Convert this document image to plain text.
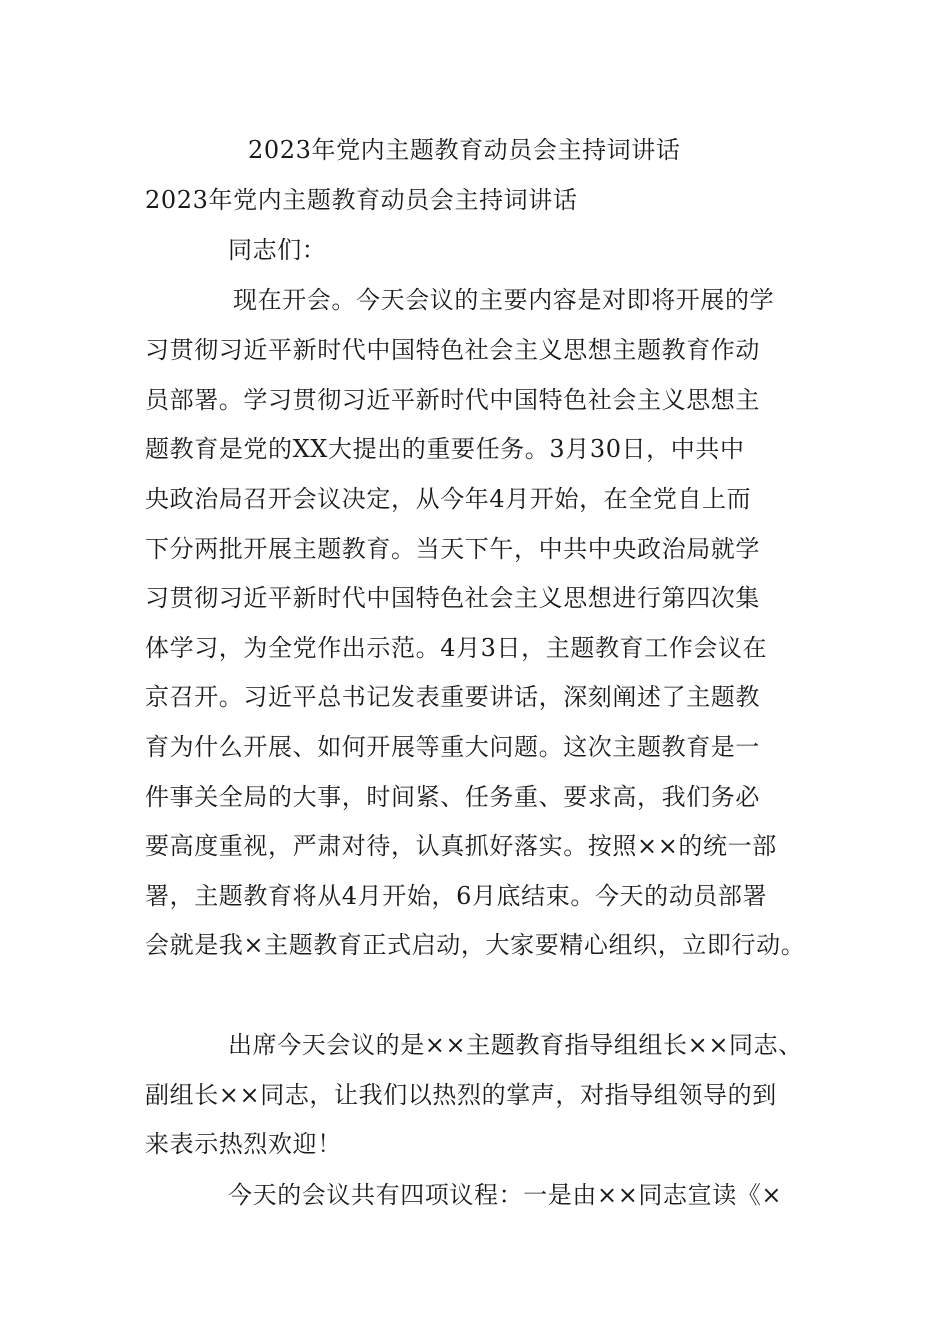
2023年党内主题教育动员会主持词讲话
2023年党内主题教育动员会主持词讲话
同志们：
现在开会。今天会议的主要内容是对即将开展的学
习贯彻习近平新时代中国特色社会主义思想主题教育作动
员部署。学习贯彻习近平新时代中国特色社会主义思想主
题教育是党的XX大提出的重要任务。3月30日，中共中
央政治局召开会议决定，从今年4月开始，在全党自上而
下分两批开展主题教育。当天下午，中共中央政治局就学
习贯彻习近平新时代中国特色社会主义思想进行第四次集
体学习，为全党作出示范。4月3日，主题教育工作会议在
京召开。习近平总书记发表重要讲话，深刻阐述了主题教
育为什么开展、如何开展等重大问题。这次主题教育是一
件事关全局的大事，时间紧、任务重、要求高，我们务必
要高度重视，严肃对待，认真抓好落实。按照××的统一部
署，主题教育将从4月开始，6月底结束。今天的动员部署
会就是我×主题教育正式启动，大家要精心组织，立即行动。
出席今天会议的是××主题教育指导组组长××同志、
副组长××同志，让我们以热烈的掌声，对指导组领导的到
来表示热烈欢迎！
今天的会议共有四项议程：一是由××同志宣读《×
